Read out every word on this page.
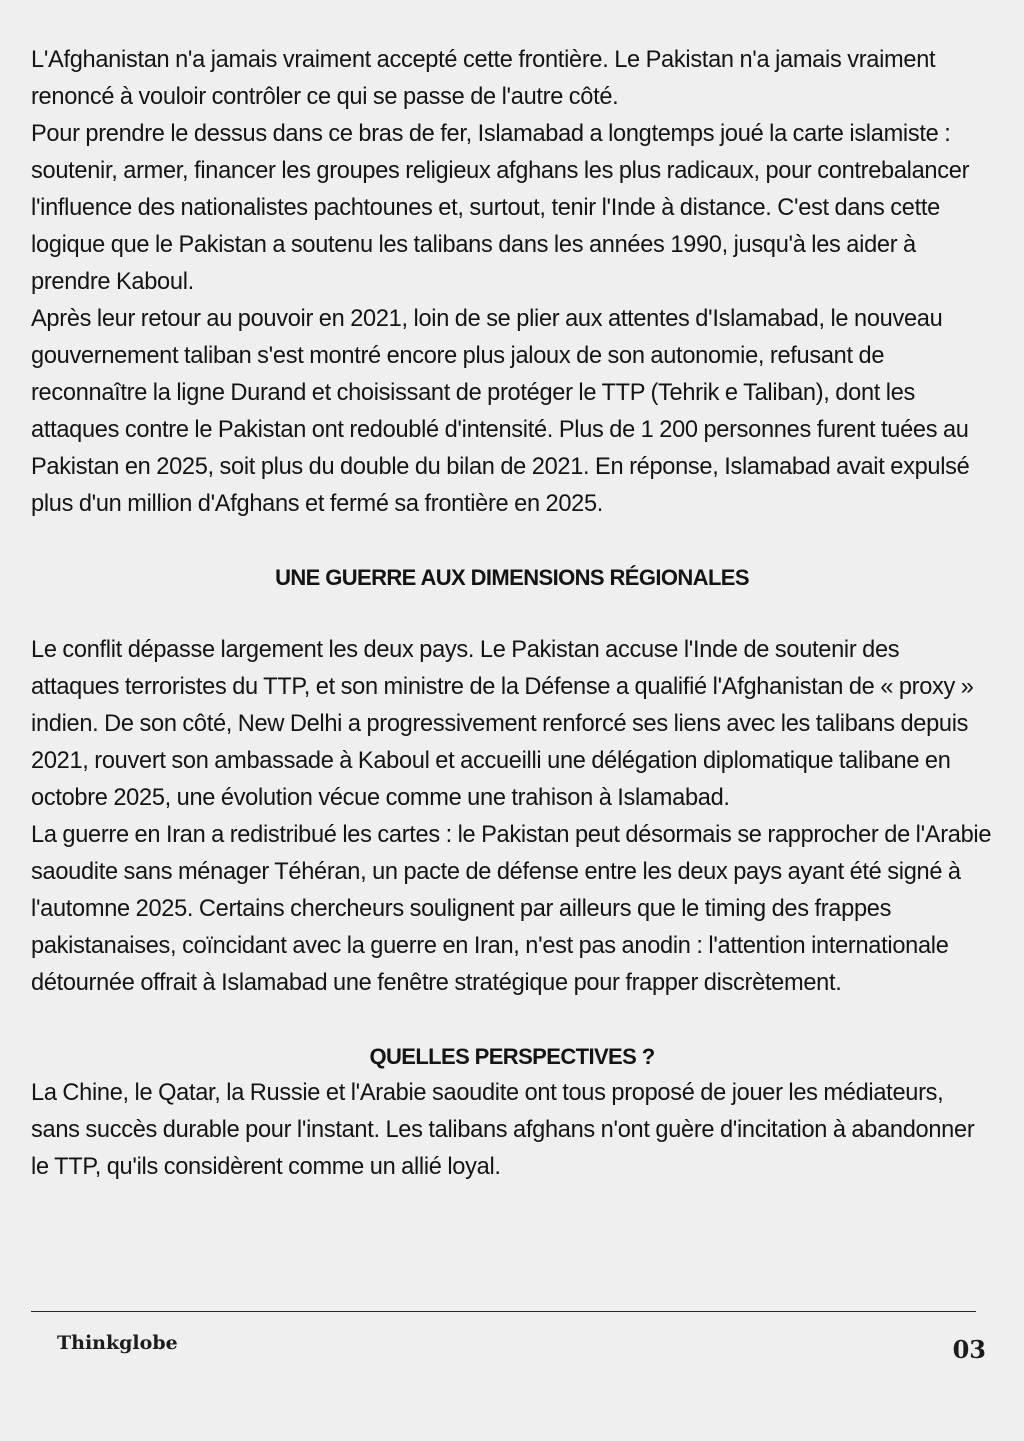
L'Afghanistan n'a jamais vraiment accepté cette frontière. Le Pakistan n'a jamais vraiment renoncé à vouloir contrôler ce qui se passe de l'autre côté.

Pour prendre le dessus dans ce bras de fer, Islamabad a longtemps joué la carte islamiste : soutenir, armer, financer les groupes religieux afghans les plus radicaux, pour contrebalancer l'influence des nationalistes pachtounes et, surtout, tenir l'Inde à distance. C'est dans cette logique que le Pakistan a soutenu les talibans dans les années 1990, jusqu'à les aider à prendre Kaboul.

Après leur retour au pouvoir en 2021, loin de se plier aux attentes d'Islamabad, le nouveau gouvernement taliban s'est montré encore plus jaloux de son autonomie, refusant de reconnaître la ligne Durand et choisissant de protéger le TTP (Tehrik e Taliban), dont les attaques contre le Pakistan ont redoublé d'intensité. Plus de 1 200 personnes furent tuées au Pakistan en 2025, soit plus du double du bilan de 2021. En réponse, Islamabad avait expulsé plus d'un million d'Afghans et fermé sa frontière en 2025.

UNE GUERRE AUX DIMENSIONS RÉGIONALES

Le conflit dépasse largement les deux pays. Le Pakistan accuse l'Inde de soutenir des attaques terroristes du TTP, et son ministre de la Défense a qualifié l'Afghanistan de « proxy » indien. De son côté, New Delhi a progressivement renforcé ses liens avec les talibans depuis 2021, rouvert son ambassade à Kaboul et accueilli une délégation diplomatique talibane en octobre 2025, une évolution vécue comme une trahison à Islamabad.

La guerre en Iran a redistribué les cartes : le Pakistan peut désormais se rapprocher de l'Arabie saoudite sans ménager Téhéran, un pacte de défense entre les deux pays ayant été signé à l'automne 2025. Certains chercheurs soulignent par ailleurs que le timing des frappes pakistanaises, coïncidant avec la guerre en Iran, n'est pas anodin : l'attention internationale détournée offrait à Islamabad une fenêtre stratégique pour frapper discrètement.

QUELLES PERSPECTIVES ?

La Chine, le Qatar, la Russie et l'Arabie saoudite ont tous proposé de jouer les médiateurs, sans succès durable pour l'instant. Les talibans afghans n'ont guère d'incitation à abandonner le TTP, qu'ils considèrent comme un allié loyal.

Thinkglobe	03
